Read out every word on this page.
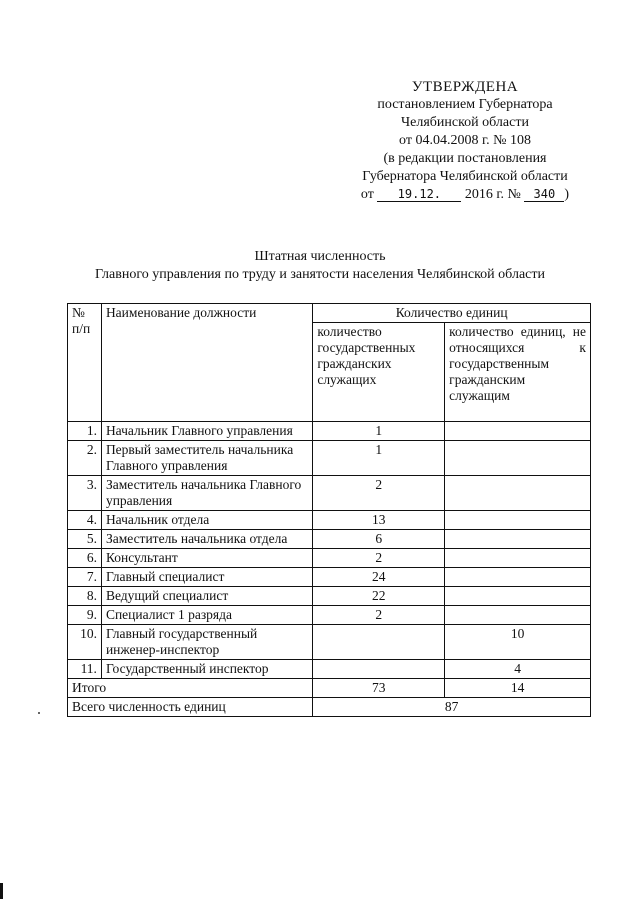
УТВЕРЖДЕНА
постановлением Губернатора
Челябинской области
от 04.04.2008 г. № 108
(в редакции постановления
Губернатора Челябинской области
от 19.12. 2016 г. № 340 )
Штатная численность
Главного управления по труду и занятости населения Челябинской области
№ п/п	Наименование должности	Количество единиц	
		количество государственных гражданских служащих	количество единиц, не относящихся к государственным гражданским служащим
1.	Начальник Главного управления	1	
2.	Первый заместитель начальника Главного управления	1	
3.	Заместитель начальника Главного управления	2	
4.	Начальник отдела	13	
5.	Заместитель начальника отдела	6	
6.	Консультант	2	
7.	Главный специалист	24	
8.	Ведущий специалист	22	
9.	Специалист 1 разряда	2	
10.	Главный государственный инженер-инспектор		10
11.	Государственный инспектор		4
Итого		73	14
Всего численность единиц		87	
